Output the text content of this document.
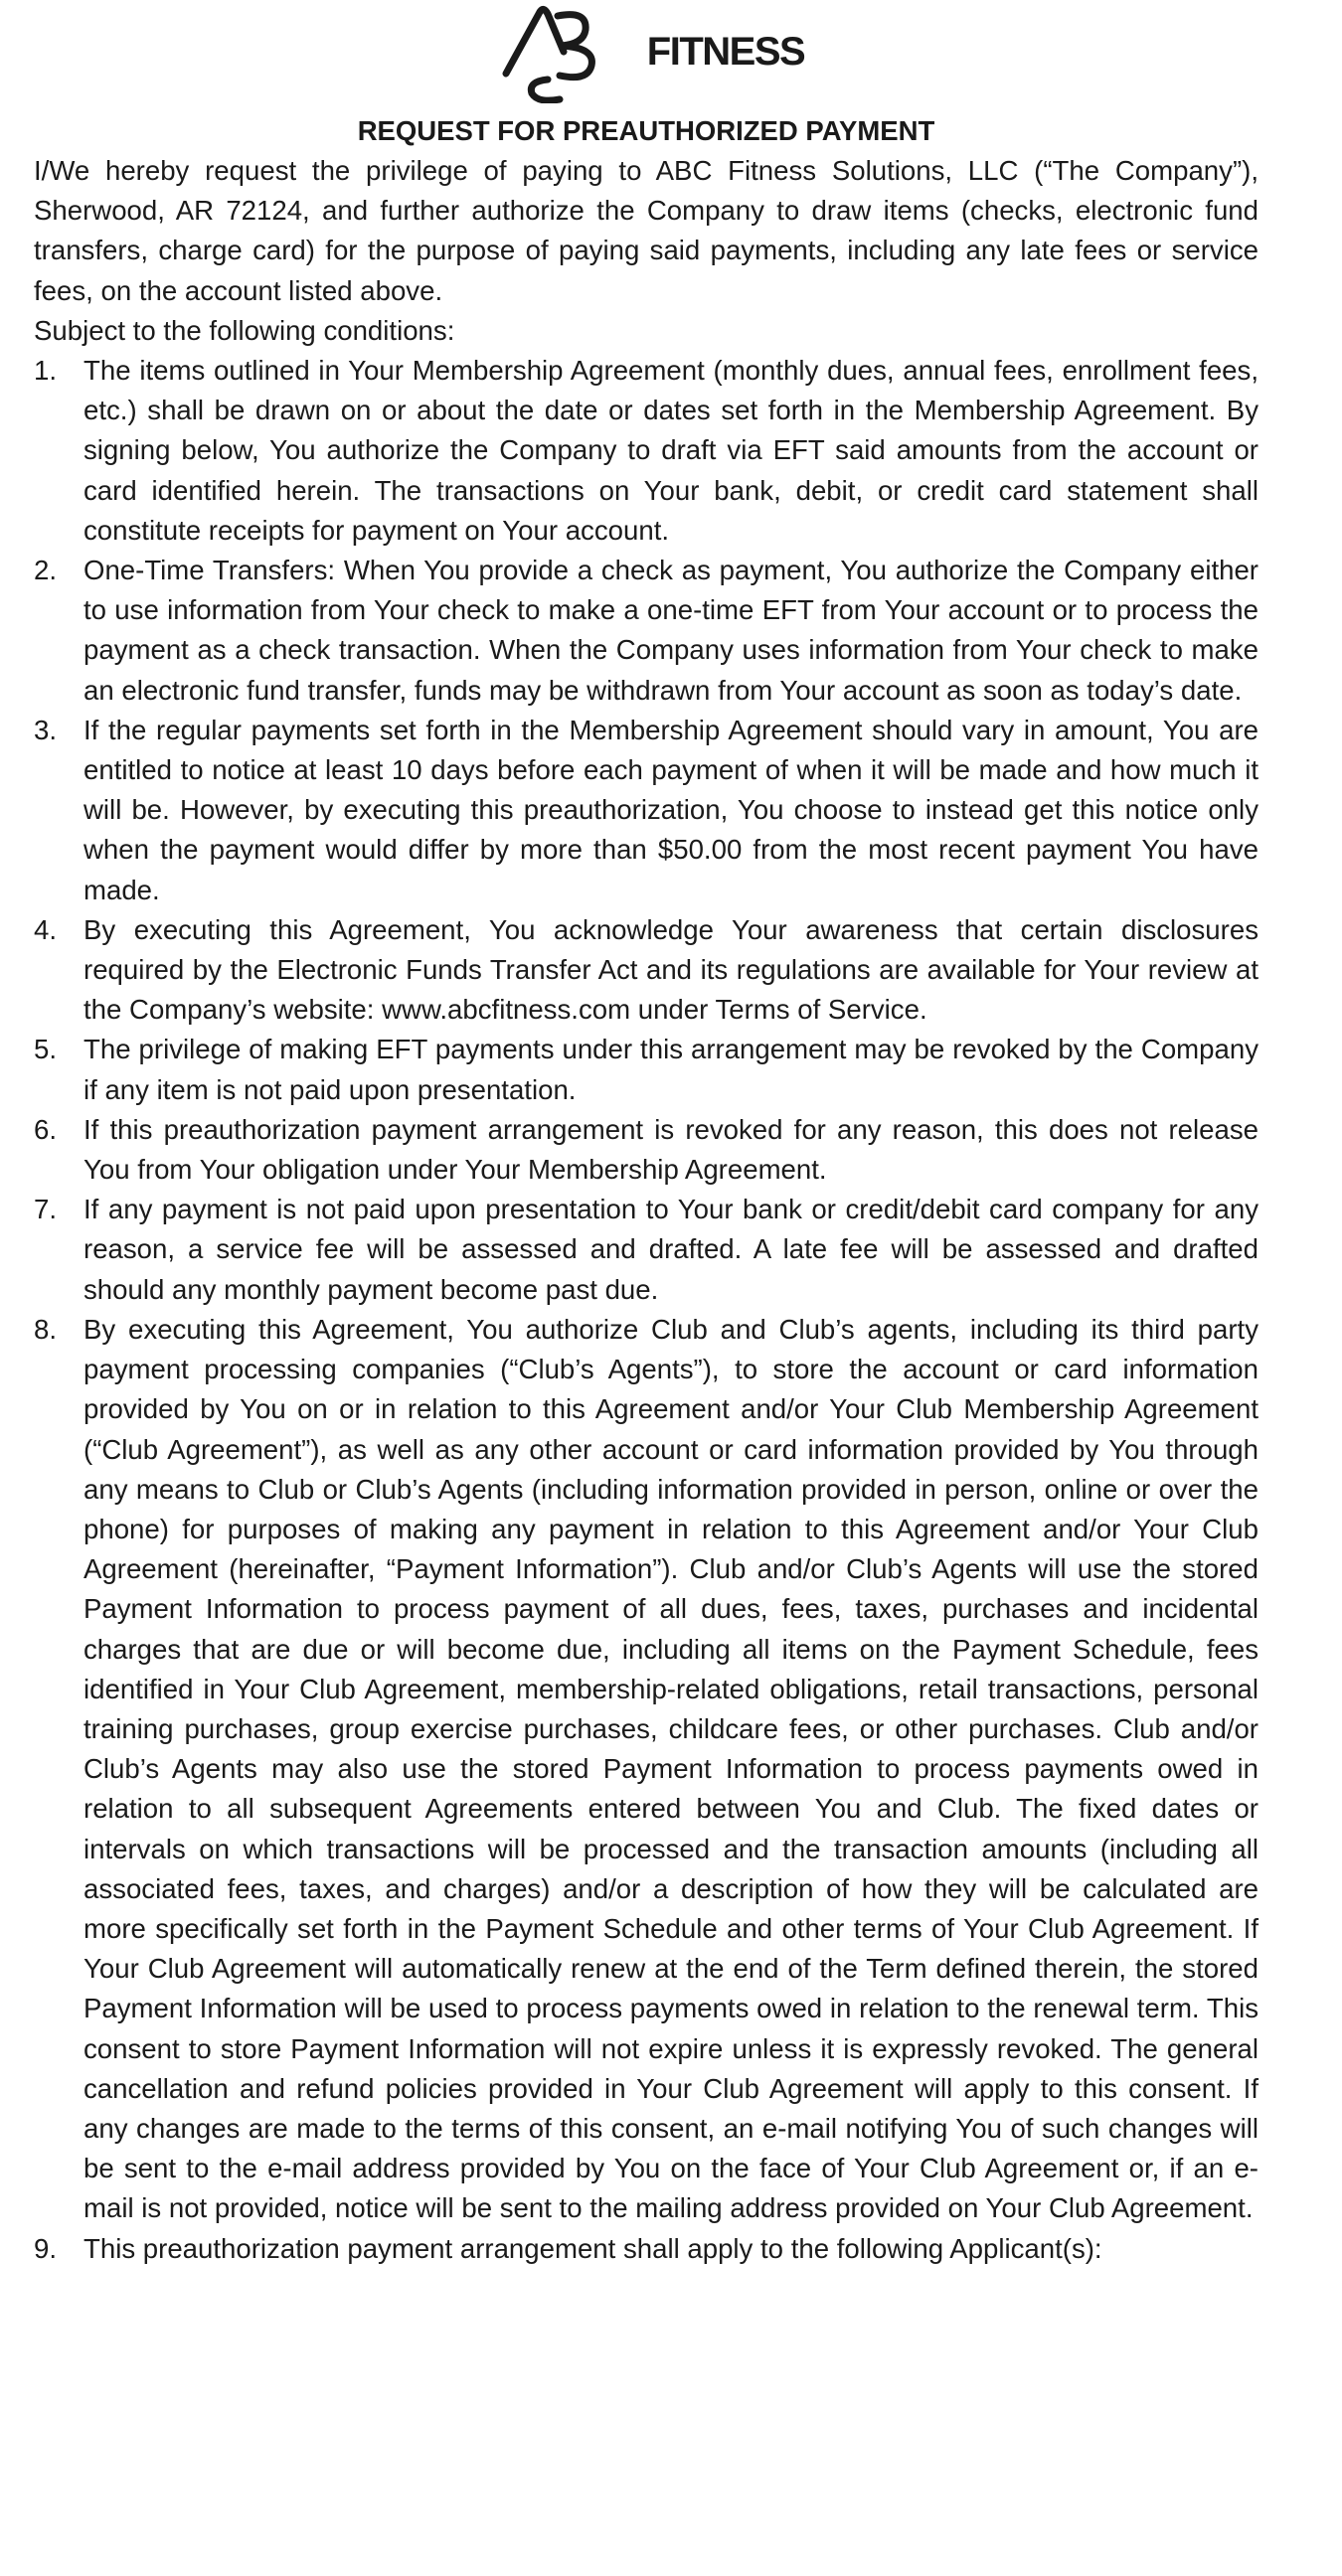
FITNESS
REQUEST FOR PREAUTHORIZED PAYMENT

I/We hereby request the privilege of paying to ABC Fitness Solutions, LLC (“The Company”), Sherwood, AR 72124, and further authorize the Company to draw items (checks, electronic fund transfers, charge card) for the purpose of paying said payments, including any late fees or service fees, on the account listed above.

Subject to the following conditions:

1. The items outlined in Your Membership Agreement (monthly dues, annual fees, enrollment fees, etc.) shall be drawn on or about the date or dates set forth in the Membership Agreement. By signing below, You authorize the Company to draft via EFT said amounts from the account or card identified herein. The transactions on Your bank, debit, or credit card statement shall constitute receipts for payment on Your account.
2. One-Time Transfers: When You provide a check as payment, You authorize the Company either to use information from Your check to make a one-time EFT from Your account or to process the payment as a check transaction. When the Company uses information from Your check to make an electronic fund transfer, funds may be withdrawn from Your account as soon as today’s date.
3. If the regular payments set forth in the Membership Agreement should vary in amount, You are entitled to notice at least 10 days before each payment of when it will be made and how much it will be. However, by executing this preauthorization, You choose to instead get this notice only when the payment would differ by more than $50.00 from the most recent payment You have made.
4. By executing this Agreement, You acknowledge Your awareness that certain disclosures required by the Electronic Funds Transfer Act and its regulations are available for Your review at the Company’s website: www.abcfitness.com under Terms of Service.
5. The privilege of making EFT payments under this arrangement may be revoked by the Company if any item is not paid upon presentation.
6. If this preauthorization payment arrangement is revoked for any reason, this does not release You from Your obligation under Your Membership Agreement.
7. If any payment is not paid upon presentation to Your bank or credit/debit card company for any reason, a service fee will be assessed and drafted. A late fee will be assessed and drafted should any monthly payment become past due.
8. By executing this Agreement, You authorize Club and Club’s agents, including its third party payment processing companies (“Club’s Agents”), to store the account or card information provided by You on or in relation to this Agreement and/or Your Club Membership Agreement (“Club Agreement”), as well as any other account or card information provided by You through any means to Club or Club’s Agents (including information provided in person, online or over the phone) for purposes of making any payment in relation to this Agreement and/or Your Club Agreement (hereinafter, “Payment Information”). Club and/or Club’s Agents will use the stored Payment Information to process payment of all dues, fees, taxes, purchases and incidental charges that are due or will become due, including all items on the Payment Schedule, fees identified in Your Club Agreement, membership-related obligations, retail transactions, personal training purchases, group exercise purchases, childcare fees, or other purchases. Club and/or Club’s Agents may also use the stored Payment Information to process payments owed in relation to all subsequent Agreements entered between You and Club. The fixed dates or intervals on which transactions will be processed and the transaction amounts (including all associated fees, taxes, and charges) and/or a description of how they will be calculated are more specifically set forth in the Payment Schedule and other terms of Your Club Agreement. If Your Club Agreement will automatically renew at the end of the Term defined therein, the stored Payment Information will be used to process payments owed in relation to the renewal term. This consent to store Payment Information will not expire unless it is expressly revoked. The general cancellation and refund policies provided in Your Club Agreement will apply to this consent. If any changes are made to the terms of this consent, an e-mail notifying You of such changes will be sent to the e-mail address provided by You on the face of Your Club Agreement or, if an e-mail is not provided, notice will be sent to the mailing address provided on Your Club Agreement.
9. This preauthorization payment arrangement shall apply to the following Applicant(s):
